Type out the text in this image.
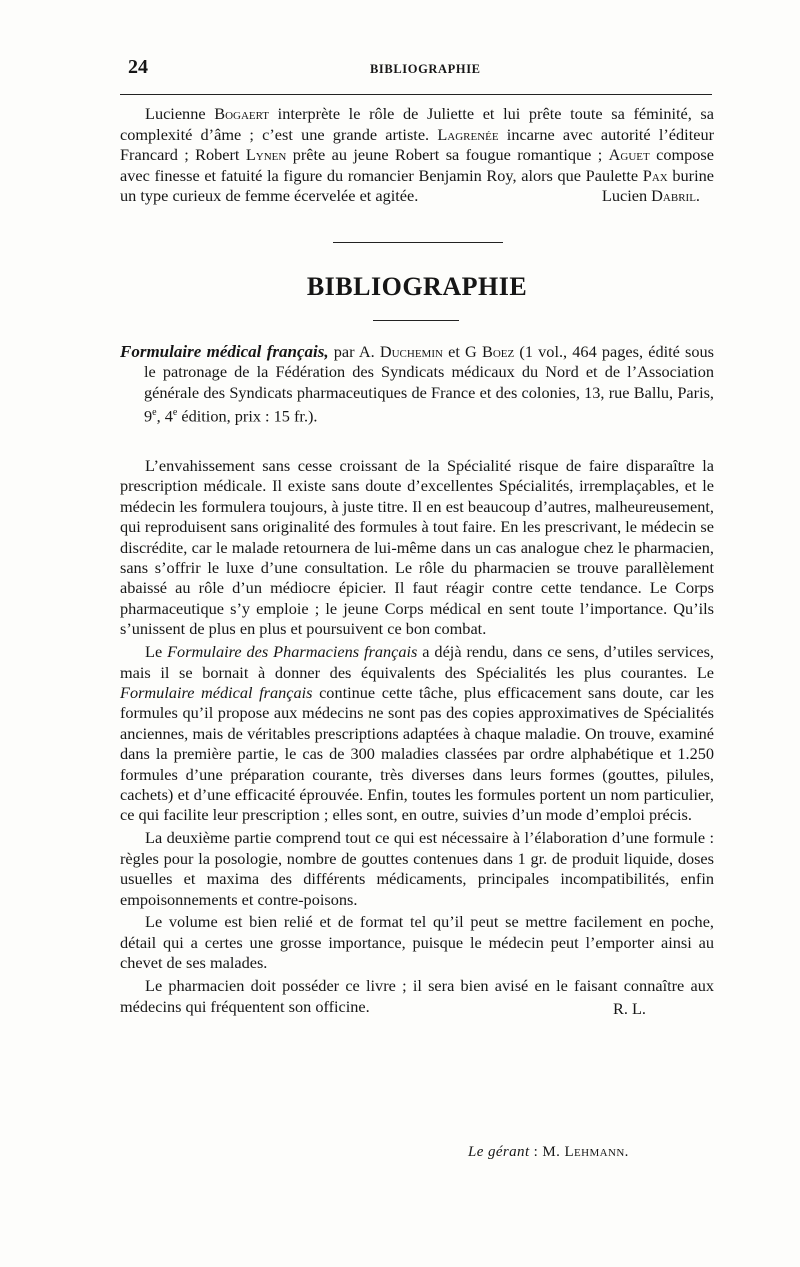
24	BIBLIOGRAPHIE

Lucienne Bogaert interprète le rôle de Juliette et lui prête toute sa féminité, sa complexité d’âme ; c’est une grande artiste. Lagrenée incarne avec autorité l’éditeur Francard ; Robert Lynen prête au jeune Robert sa fougue romantique ; Aguet compose avec finesse et fatuité la figure du romancier Benjamin Roy, alors que Paulette Pax burine un type curieux de femme écervelée et agitée.	Lucien Dabril.
BIBLIOGRAPHIE

Formulaire médical français, par A. Duchemin et G Boez (1 vol., 464 pages, édité sous le patronage de la Fédération des Syndicats médicaux du Nord et de l’Association générale des Syndicats pharmaceutiques de France et des colonies, 13, rue Ballu, Paris, 9e, 4e édition, prix : 15 fr.).

L’envahissement sans cesse croissant de la Spécialité risque de faire disparaître la prescription médicale. Il existe sans doute d’excellentes Spécialités, irremplaçables, et le médecin les formulera toujours, à juste titre. Il en est beaucoup d’autres, malheureusement, qui reproduisent sans originalité des formules à tout faire. En les prescrivant, le médecin se discrédite, car le malade retournera de lui-même dans un cas analogue chez le pharmacien, sans s’offrir le luxe d’une consultation. Le rôle du pharmacien se trouve parallèlement abaissé au rôle d’un médiocre épicier. Il faut réagir contre cette tendance. Le Corps pharmaceutique s’y emploie ; le jeune Corps médical en sent toute l’importance. Qu’ils s’unissent de plus en plus et poursuivent ce bon combat.

Le Formulaire des Pharmaciens français a déjà rendu, dans ce sens, d’utiles services, mais il se bornait à donner des équivalents des Spécialités les plus courantes. Le Formulaire médical français continue cette tâche, plus efficacement sans doute, car les formules qu’il propose aux médecins ne sont pas des copies approximatives de Spécialités anciennes, mais de véritables prescriptions adaptées à chaque maladie. On trouve, examiné dans la première partie, le cas de 300 maladies classées par ordre alphabétique et 1.250 formules d’une préparation courante, très diverses dans leurs formes (gouttes, pilules, cachets) et d’une efficacité éprouvée. Enfin, toutes les formules portent un nom particulier, ce qui facilite leur prescription ; elles sont, en outre, suivies d’un mode d’emploi précis.

La deuxième partie comprend tout ce qui est nécessaire à l’élaboration d’une formule : règles pour la posologie, nombre de gouttes contenues dans 1 gr. de produit liquide, doses usuelles et maxima des différents médicaments, principales incompatibilités, enfin empoisonnements et contre-poisons.

Le volume est bien relié et de format tel qu’il peut se mettre facilement en poche, détail qui a certes une grosse importance, puisque le médecin peut l’emporter ainsi au chevet de ses malades.

Le pharmacien doit posséder ce livre ; il sera bien avisé en le faisant connaître aux médecins qui fréquentent son officine.	R. L.
Le gérant : M. Lehmann.
